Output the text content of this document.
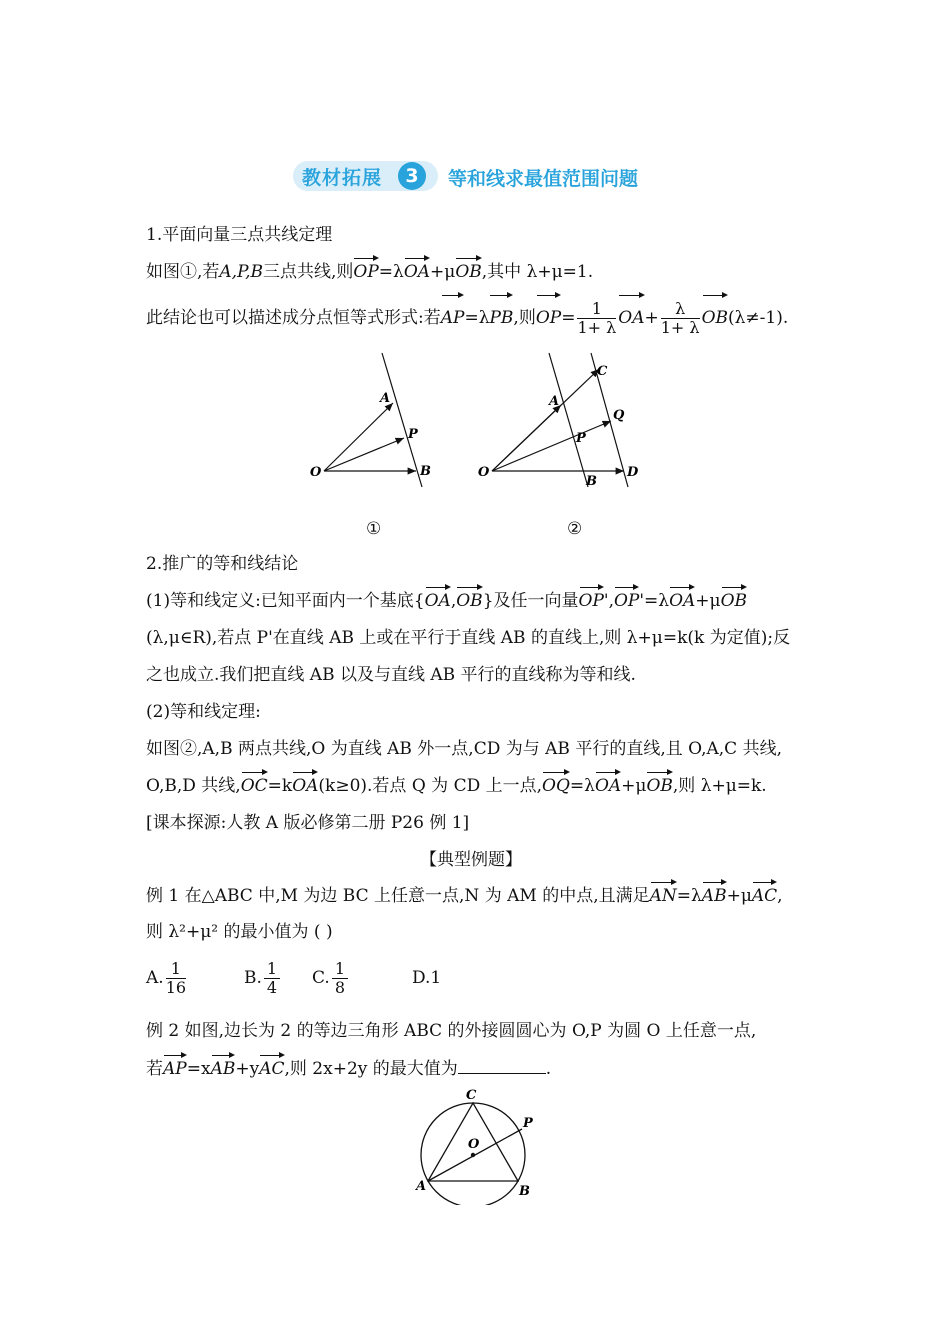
教材拓展	3	等和线求最值范围问题
1.平面向量三点共线定理
如图①,若A,P,B三点共线,则OP=λOA+μOB,其中 λ+μ=1.
此结论也可以描述成分点恒等式形式:若AP=λPB,则$OP= \frac{1}{1+ \lambda} OA+ \frac{\lambda}{1+ \lambda} OB(\lambda\ne-1)$.
O
A
P
B	O
A
P
B
C
Q
D
①	②
2.推广的等和线结论
(1)等和线定义:已知平面内一个基底{OA,OB}及任一向量OP',OP'=λOA+μOB
(λ,μ∈R),若点 P'在直线 AB 上或在平行于直线 AB 的直线上,则 λ+μ=k(k 为定值);反
之也成立.我们把直线 AB 以及与直线 AB 平行的直线称为等和线.
(2)等和线定理:
如图②,A,B 两点共线,O 为直线 AB 外一点,CD 为与 AB 平行的直线,且 O,A,C 共线,
O,B,D 共线,OC=kOA(k≥0).若点 Q 为 CD 上一点,OQ=λOA+μOB,则 λ+μ=k.
[课本探源:人教 A 版必修第二册 P26 例 1]
【典型例题】
例 1 在△ABC 中,M 为边 BC 上任意一点,N 为 AM 的中点,且满足AN=λAB+μAC,
则 λ²+μ² 的最小值为 ( )
A. $\frac{1}{16}$	B. $\frac{1}{4} C$. $\frac{1}{8}$	D.1
例 2 如图,边长为 2 的等边三角形 ABC 的外接圆圆心为 O,P 为圆 O 上任意一点,
若AP=xAB+yAC,则 2x+2y 的最大值为	.
A	B
C
O
P
